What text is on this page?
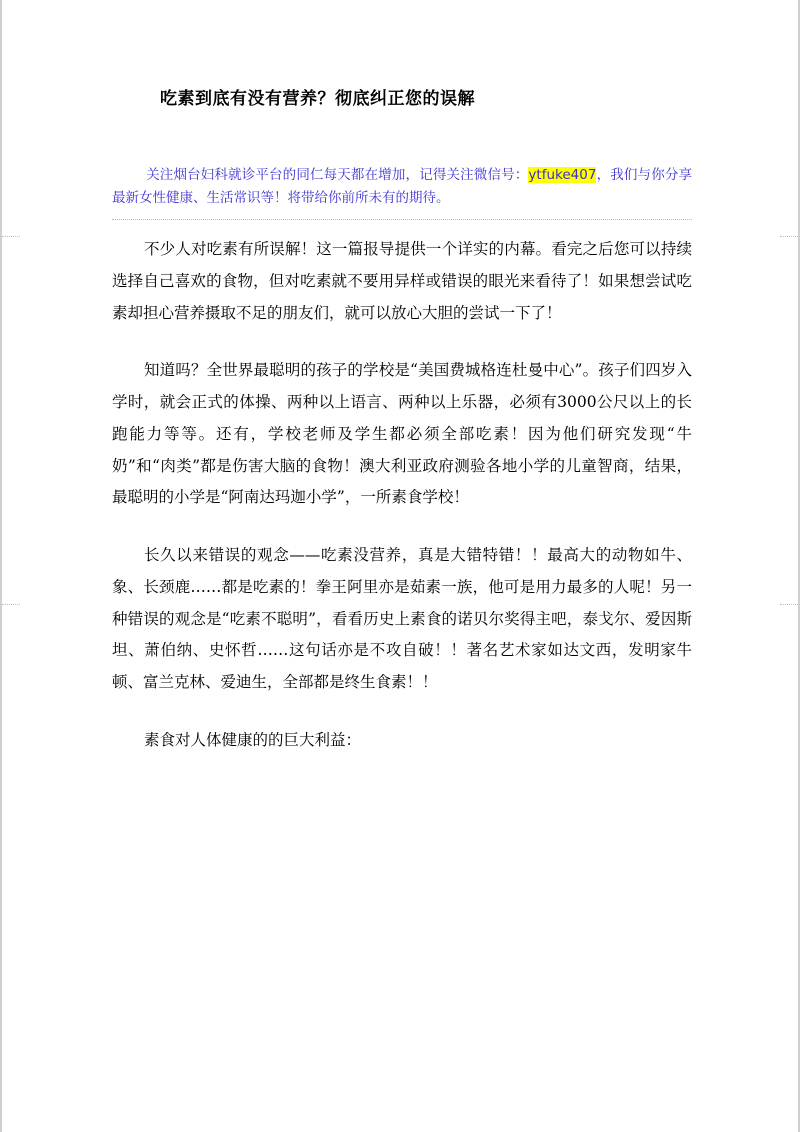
吃素到底有没有营养？彻底纠正您的误解

关注烟台妇科就诊平台的同仁每天都在增加，记得关注微信号：ytfuke407，我们与你分享最新女性健康、生活常识等！将带给你前所未有的期待。

不少人对吃素有所误解！这一篇报导提供一个详实的内幕。看完之后您可以持续选择自己喜欢的食物，但对吃素就不要用异样或错误的眼光来看待了！如果想尝试吃素却担心营养摄取不足的朋友们，就可以放心大胆的尝试一下了！

知道吗？全世界最聪明的孩子的学校是“美国费城格连杜曼中心”。孩子们四岁入学时，就会正式的体操、两种以上语言、两种以上乐器，必须有3000公尺以上的长跑能力等等。还有，学校老师及学生都必须全部吃素！因为他们研究发现“牛奶”和“肉类”都是伤害大脑的食物！澳大利亚政府测验各地小学的儿童智商，结果，最聪明的小学是“阿南达玛迦小学”，一所素食学校！

长久以来错误的观念——吃素没营养，真是大错特错！！最高大的动物如牛、象、长颈鹿……都是吃素的！拳王阿里亦是茹素一族，他可是用力最多的人呢！另一种错误的观念是“吃素不聪明”，看看历史上素食的诺贝尔奖得主吧，泰戈尔、爱因斯坦、萧伯纳、史怀哲……这句话亦是不攻自破！！著名艺术家如达文西，发明家牛顿、富兰克林、爱迪生，全部都是终生食素！！

素食对人体健康的的巨大利益：
